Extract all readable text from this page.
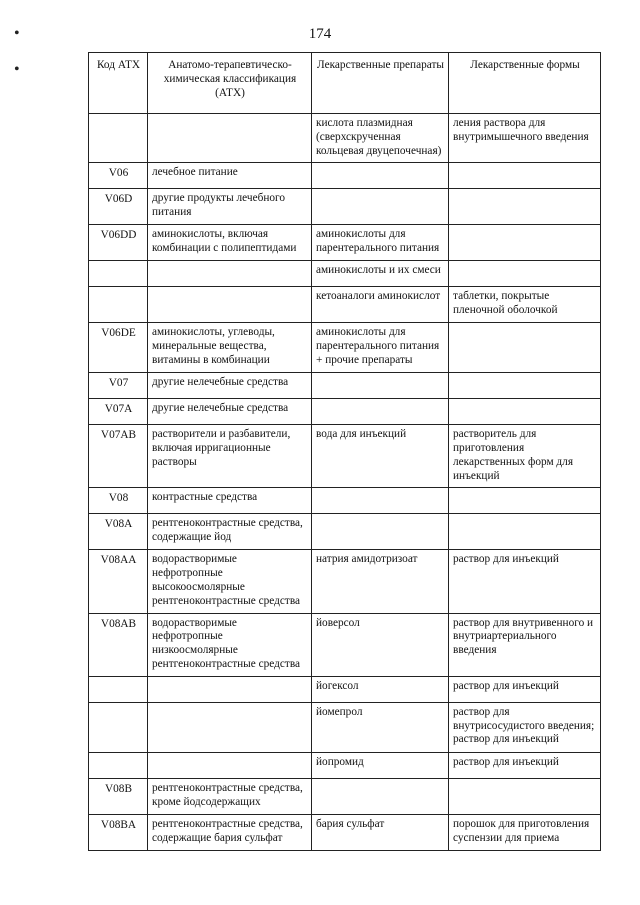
174
•
•	Код АТХ	Анатомо-терапевтическо-химическая классификация (АТХ)	Лекарственные препараты	Лекарственные формы
		кислота плазмидная (сверхскрученная кольцевая двуцепочечная)	ления раствора для внутримышечного введения
V06	лечебное питание		
V06D	другие продукты лечебного питания		
V06DD	аминокислоты, включая комбинации с полипептидами	аминокислоты для парентерального питания	
		аминокислоты и их смеси	
		кетоаналоги аминокислот	таблетки, покрытые пленочной оболочкой
V06DE	аминокислоты, углеводы, минеральные вещества, витамины в комбинации	аминокислоты для парентерального питания + прочие препараты	
V07	другие нелечебные средства		
V07A	другие нелечебные средства		
V07AB	растворители и разбавители, включая ирригационные растворы	вода для инъекций	растворитель для приготовления лекарственных форм для инъекций
V08	контрастные средства		
V08A	рентгеноконтрастные средства, содержащие йод		
V08AA	водорастворимые нефротропные высокоосмолярные рентгеноконтрастные средства	натрия амидотризоат	раствор для инъекций
V08AB	водорастворимые нефротропные низкоосмолярные рентгеноконтрастные средства	йоверсол	раствор для внутривенного и внутриартериального введения
		йогексол	раствор для инъекций
		йомепрол	раствор для внутрисосудистого введения;
раствор для инъекций
		йопромид	раствор для инъекций
V08B	рентгеноконтрастные средства, кроме йодсодержащих		
V08BA	рентгеноконтрастные средства, содержащие бария сульфат	бария сульфат	порошок для приготовления суспензии для приема
